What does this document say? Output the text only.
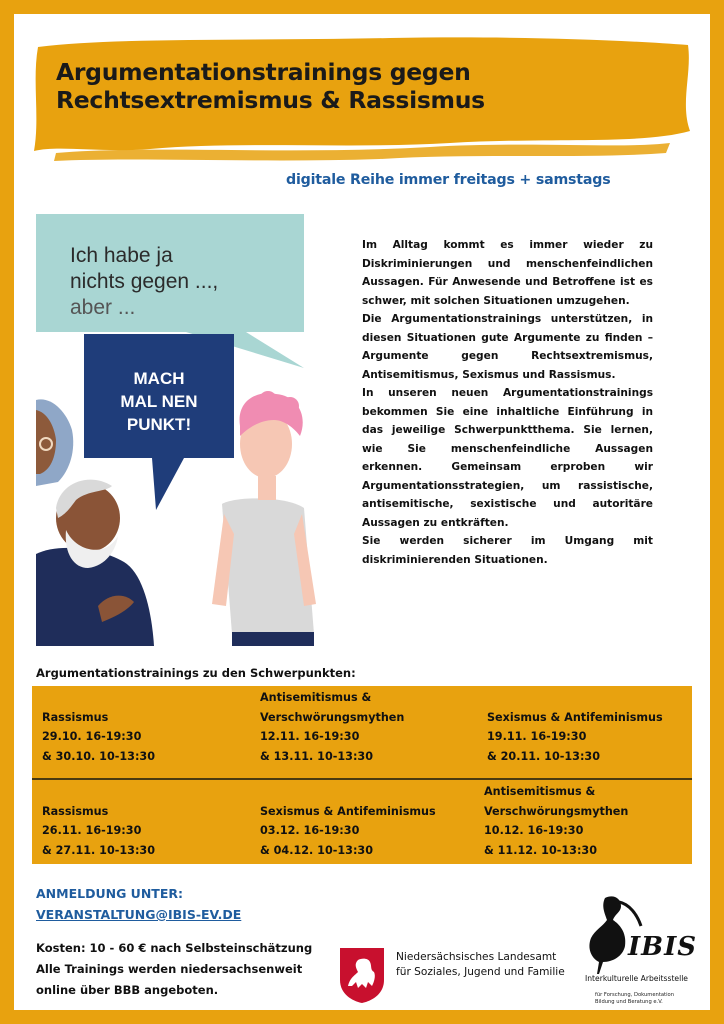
Argumentationstrainings gegen
Rechtsextremismus & Rassismus
digitale Reihe immer freitags + samstags
Ich habe ja
nichts gegen ...,
aber ...
MACH
MAL NEN
PUNKT!

Im Alltag kommt es immer wieder zu Diskriminierungen und menschenfeindlichen Aussagen. Für Anwesende und Betroffene ist es schwer, mit solchen Situationen umzugehen.

Die Argumentationstrainings unterstützen, in diesen Situationen gute Argumente zu finden – Argumente gegen Rechtsextremismus, Antisemitismus, Sexismus und Rassismus.

In unseren neuen Argumentationstrainings bekommen Sie eine inhaltliche Einführung in das jeweilige Schwerpunktthema. Sie lernen, wie Sie menschenfeindliche Aussagen erkennen. Gemeinsam erproben wir Argumentationsstrategien, um rassistische, antisemitische, sexistische und autoritäre Aussagen zu entkräften.

Sie werden sicherer im Umgang mit diskriminierenden Situationen.

Argumentationstrainings zu den Schwerpunkten:

Rassismus
29.10. 16-19:30
& 30.10. 10-13:30
Antisemitismus &
Verschwörungsmythen
12.11. 16-19:30
& 13.11. 10-13:30

Sexismus & Antifeminismus
19.11. 16-19:30
& 20.11. 10-13:30

Rassismus
26.11. 16-19:30
& 27.11. 10-13:30

Sexismus & Antifeminismus
03.12. 16-19:30
& 04.12. 10-13:30
Antisemitismus &
Verschwörungsmythen
10.12. 16-19:30
& 11.12. 10-13:30
ANMELDUNG UNTER:
VERANSTALTUNG@IBIS-EV.DE
Kosten: 10 - 60 € nach Selbsteinschätzung
Alle Trainings werden niedersachsenweit
online über BBB angeboten.
Niedersächsisches Landesamt
für Soziales, Jugend und Familie
IBIS
Interkulturelle Arbeitsstelle
für Forschung, Dokumentation
Bildung und Beratung e.V.
